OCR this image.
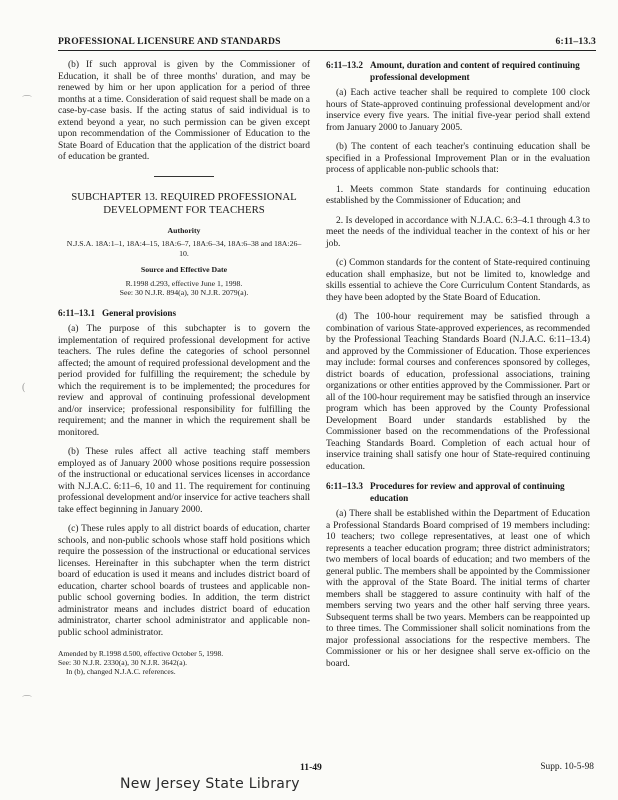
PROFESSIONAL LICENSURE AND STANDARDS	6:11–13.3

(b) If such approval is given by the Commissioner of Education, it shall be of three months' duration, and may be renewed by him or her upon application for a period of three months at a time. Consideration of said request shall be made on a case-by-case basis. If the acting status of said individual is to extend beyond a year, no such permission can be given except upon recommendation of the Commissioner of Education to the State Board of Education that the application of the district board of education be granted.

SUBCHAPTER 13. REQUIRED PROFESSIONAL DEVELOPMENT FOR TEACHERS
Authority
N.J.S.A. 18A:1–1, 18A:4–15, 18A:6–7, 18A:6–34, 18A:6–38 and 18A:26–10.
Source and Effective Date
R.1998 d.293, effective June 1, 1998.
See: 30 N.J.R. 894(a), 30 N.J.R. 2079(a).
6:11–13.1 General provisions

(a) The purpose of this subchapter is to govern the implementation of required professional development for active teachers. The rules define the categories of school personnel affected; the amount of required professional development and the period provided for fulfilling the requirement; the schedule by which the requirement is to be implemented; the procedures for review and approval of continuing professional development and/or inservice; professional responsibility for fulfilling the requirement; and the manner in which the requirement shall be monitored.

(b) These rules affect all active teaching staff members employed as of January 2000 whose positions require possession of the instructional or educational services licenses in accordance with N.J.A.C. 6:11–6, 10 and 11. The requirement for continuing professional development and/or inservice for active teachers shall take effect beginning in January 2000.

(c) These rules apply to all district boards of education, charter schools, and non-public schools whose staff hold positions which require the possession of the instructional or educational services licenses. Hereinafter in this subchapter when the term district board of education is used it means and includes district board of education, charter school boards of trustees and applicable non-public school governing bodies. In addition, the term district administrator means and includes district board of education administrator, charter school administrator and applicable non-public school administrator.

Amended by R.1998 d.500, effective October 5, 1998.
See: 30 N.J.R. 2330(a), 30 N.J.R. 3642(a).
In (b), changed N.J.A.C. references.
6:11–13.2 Amount, duration and content of required continuing professional development

(a) Each active teacher shall be required to complete 100 clock hours of State-approved continuing professional development and/or inservice every five years. The initial five-year period shall extend from January 2000 to January 2005.

(b) The content of each teacher's continuing education shall be specified in a Professional Improvement Plan or in the evaluation process of applicable non-public schools that:

1. Meets common State standards for continuing education established by the Commissioner of Education; and

2. Is developed in accordance with N.J.A.C. 6:3–4.1 through 4.3 to meet the needs of the individual teacher in the context of his or her job.

(c) Common standards for the content of State-required continuing education shall emphasize, but not be limited to, knowledge and skills essential to achieve the Core Curriculum Content Standards, as they have been adopted by the State Board of Education.

(d) The 100-hour requirement may be satisfied through a combination of various State-approved experiences, as recommended by the Professional Teaching Standards Board (N.J.A.C. 6:11–13.4) and approved by the Commissioner of Education. Those experiences may include: formal courses and conferences sponsored by colleges, district boards of education, professional associations, training organizations or other entities approved by the Commissioner. Part or all of the 100-hour requirement may be satisfied through an inservice program which has been approved by the County Professional Development Board under standards established by the Commissioner based on the recommendations of the Professional Teaching Standards Board. Completion of each actual hour of inservice training shall satisfy one hour of State-required continuing education.

6:11–13.3 Procedures for review and approval of continuing education

(a) There shall be established within the Department of Education a Professional Standards Board comprised of 19 members including: 10 teachers; two college representatives, at least one of which represents a teacher education program; three district administrators; two members of local boards of education; and two members of the general public. The members shall be appointed by the Commissioner with the approval of the State Board. The initial terms of charter members shall be staggered to assure continuity with half of the members serving two years and the other half serving three years. Subsequent terms shall be two years. Members can be reappointed up to three times. The Commissioner shall solicit nominations from the major professional associations for the respective members. The Commissioner or his or her designee shall serve ex-officio on the board.

11-49	Supp. 10-5-98
New Jersey State Library
⌒
(
⌒
